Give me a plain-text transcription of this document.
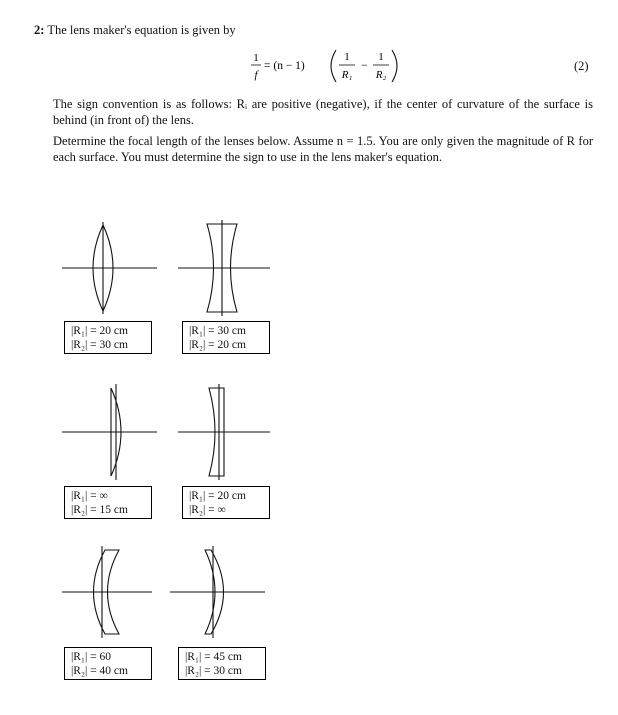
2: The lens maker's equation is given by
1
f
= (n − 1)
1
R₁
−
1
R₂
(2)
The sign convention is as follows: Rᵢ are positive (negative), if the center of curvature of the surface is behind (in front of) the lens.
Determine the focal length of the lenses below. Assume n = 1.5. You are only given the magnitude of R for each surface. You must determine the sign to use in the lens maker's equation.
|R₁| = 20 cm
|R₂| = 30 cm
|R₁| = 30 cm
|R₂| = 20 cm
|R₁| = ∞
|R₂| = 15 cm
|R₁| = 20 cm
|R₂| = ∞
|R₁| = 60
|R₂| = 40 cm
|R₁| = 45 cm
|R₂| = 30 cm
